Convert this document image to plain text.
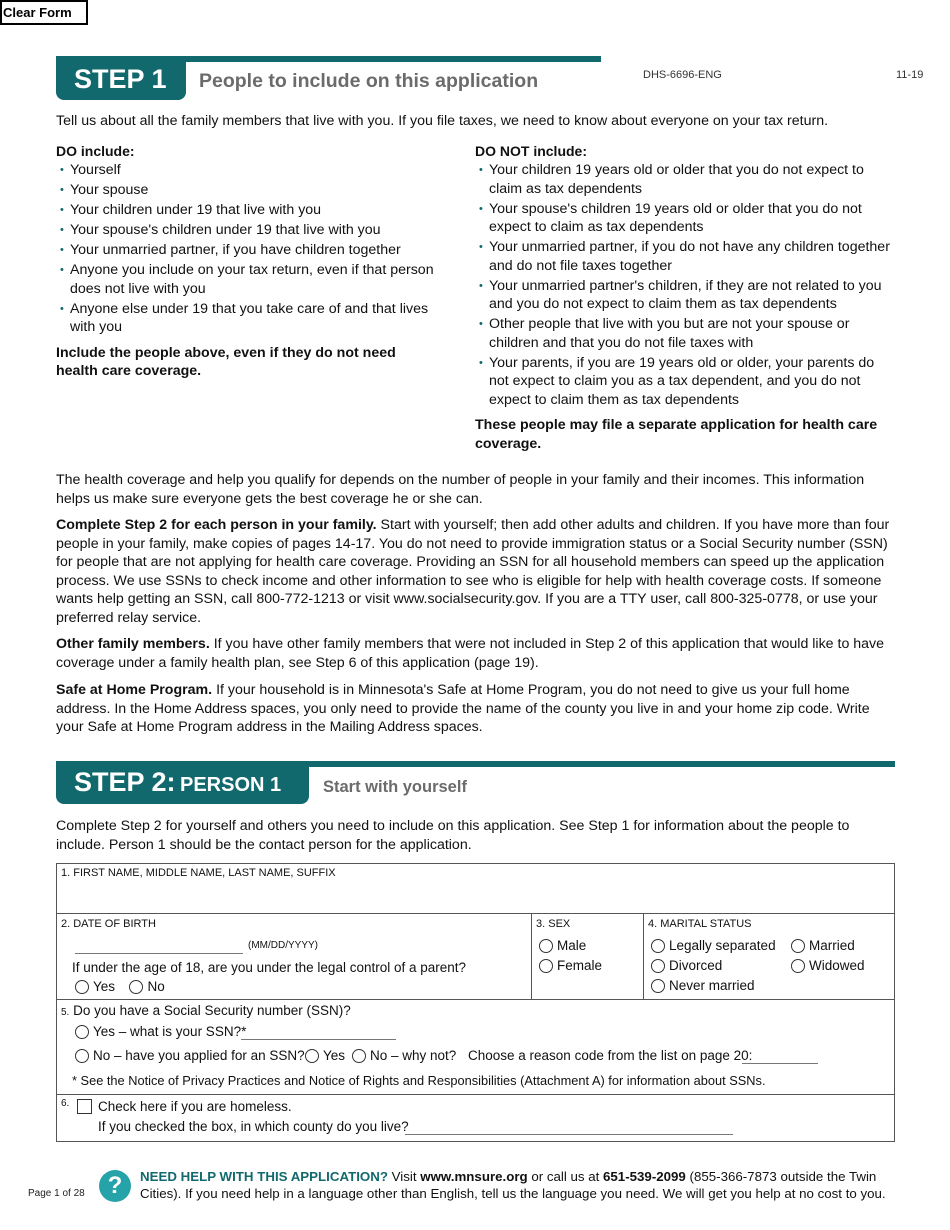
Clear Form
STEP 1	People to include on this application	DHS-6696-ENG	11-19
Tell us about all the family members that live with you. If you file taxes, we need to know about everyone on your tax return.
DO include:
• Yourself
• Your spouse
• Your children under 19 that live with you
• Your spouse's children under 19 that live with you
• Your unmarried partner, if you have children together
• Anyone you include on your tax return, even if that person does not live with you
• Anyone else under 19 that you take care of and that lives with you
Include the people above, even if they do not need health care coverage.
DO NOT include:
• Your children 19 years old or older that you do not expect to claim as tax dependents
• Your spouse's children 19 years old or older that you do not expect to claim as tax dependents
• Your unmarried partner, if you do not have any children together and do not file taxes together
• Your unmarried partner's children, if they are not related to you and you do not expect to claim them as tax dependents
• Other people that live with you but are not your spouse or children and that you do not file taxes with
• Your parents, if you are 19 years old or older, your parents do not expect to claim you as a tax dependent, and you do not expect to claim them as tax dependents
These people may file a separate application for health care coverage.
The health coverage and help you qualify for depends on the number of people in your family and their incomes. This information helps us make sure everyone gets the best coverage he or she can.
Complete Step 2 for each person in your family. Start with yourself; then add other adults and children. If you have more than four people in your family, make copies of pages 14-17. You do not need to provide immigration status or a Social Security number (SSN) for people that are not applying for health care coverage. Providing an SSN for all household members can speed up the application process. We use SSNs to check income and other information to see who is eligible for help with health coverage costs. If someone wants help getting an SSN, call 800-772-1213 or visit www.socialsecurity.gov. If you are a TTY user, call 800-325-0778, or use your preferred relay service.
Other family members. If you have other family members that were not included in Step 2 of this application that would like to have coverage under a family health plan, see Step 6 of this application (page 19).
Safe at Home Program. If your household is in Minnesota's Safe at Home Program, you do not need to give us your full home address. In the Home Address spaces, you only need to provide the name of the county you live in and your home zip code. Write your Safe at Home Program address in the Mailing Address spaces.
STEP 2: PERSON 1	Start with yourself
Complete Step 2 for yourself and others you need to include on this application. See Step 1 for information about the people to include. Person 1 should be the contact person for the application.
1. FIRST NAME, MIDDLE NAME, LAST NAME, SUFFIX
2. DATE OF BIRTH
(MM/DD/YYYY)
If under the age of 18, are you under the legal control of a parent?
Yes
No
3. SEX
Male
Female
4. MARITAL STATUS
Legally separated Married
Divorced	Widowed
Never married
5. Do you have a Social Security number (SSN)?
Yes – what is your SSN?*
No – have you applied for an SSN? Yes No – why not? Choose a reason code from the list on page 20:
* See the Notice of Privacy Practices and Notice of Rights and Responsibilities (Attachment A) for information about SSNs.
6. Check here if you are homeless.
If you checked the box, in which county do you live?
Page 1 of 28 ?	NEED HELP WITH THIS APPLICATION? Visit www.mnsure.org or call us at 651-539-2099 (855-366-7873 outside the Twin Cities). If you need help in a language other than English, tell us the language you need. We will get you help at no cost to you.
